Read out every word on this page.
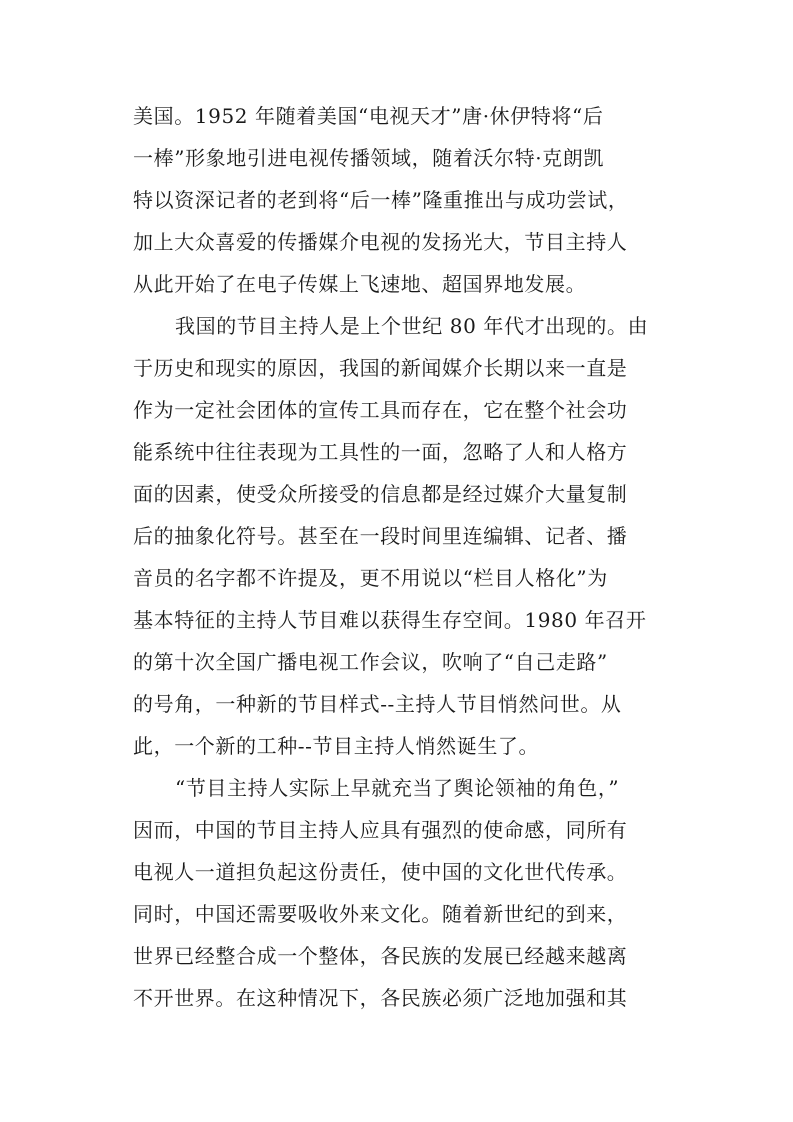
美国。1952 年随着美国“电视天才”唐·休伊特将“后
一棒”形象地引进电视传播领域，随着沃尔特·克朗凯
特以资深记者的老到将“后一棒”隆重推出与成功尝试，
加上大众喜爱的传播媒介电视的发扬光大，节目主持人
从此开始了在电子传媒上飞速地、超国界地发展。
我国的节目主持人是上个世纪 80 年代才出现的。由
于历史和现实的原因，我国的新闻媒介长期以来一直是
作为一定社会团体的宣传工具而存在，它在整个社会功
能系统中往往表现为工具性的一面，忽略了人和人格方
面的因素，使受众所接受的信息都是经过媒介大量复制
后的抽象化符号。甚至在一段时间里连编辑、记者、播
音员的名字都不许提及，更不用说以“栏目人格化”为
基本特征的主持人节目难以获得生存空间。1980 年召开
的第十次全国广播电视工作会议，吹响了“自己走路”
的号角，一种新的节目样式--主持人节目悄然问世。从
此，一个新的工种--节目主持人悄然诞生了。
“节目主持人实际上早就充当了舆论领袖的角色，”
因而，中国的节目主持人应具有强烈的使命感，同所有
电视人一道担负起这份责任，使中国的文化世代传承。
同时，中国还需要吸收外来文化。随着新世纪的到来，
世界已经整合成一个整体，各民族的发展已经越来越离
不开世界。在这种情况下，各民族必须广泛地加强和其
